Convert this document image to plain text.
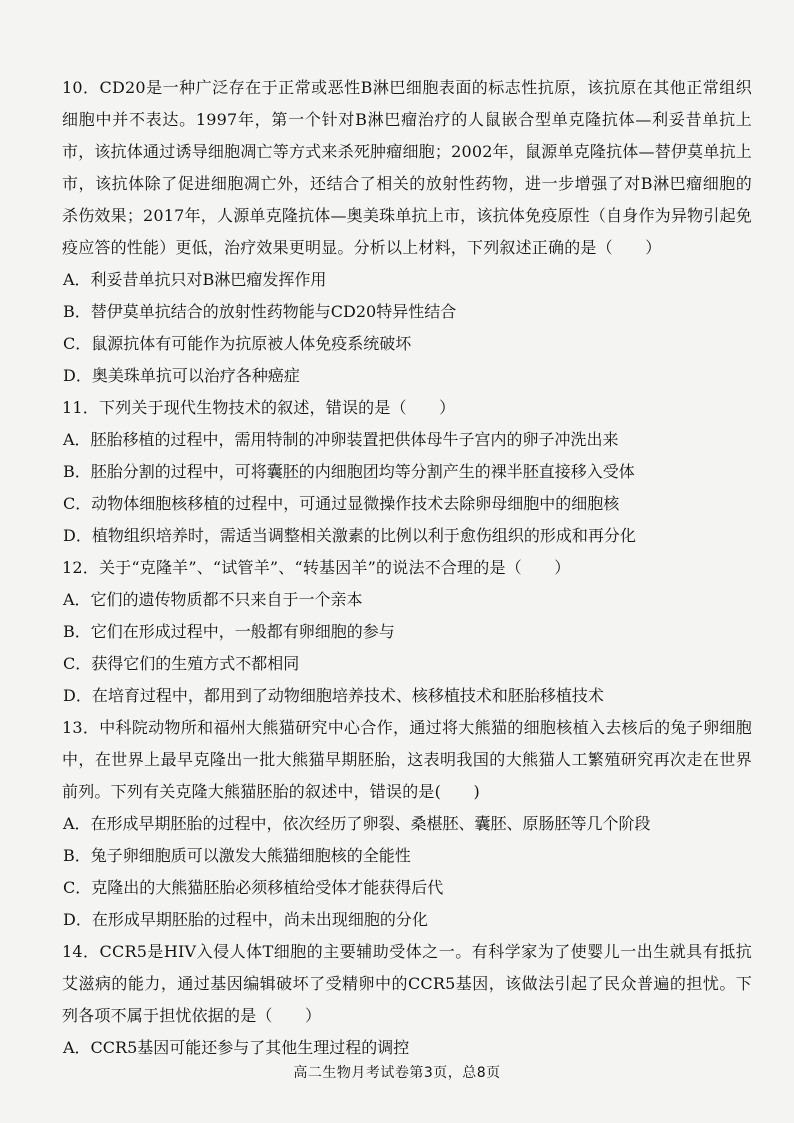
10．CD20是一种广泛存在于正常或恶性B淋巴细胞表面的标志性抗原，该抗原在其他正常组织细胞中并不表达。1997年，第一个针对B淋巴瘤治疗的人鼠嵌合型单克隆抗体—利妥昔单抗上市，该抗体通过诱导细胞凋亡等方式来杀死肿瘤细胞；2002年，鼠源单克隆抗体—替伊莫单抗上市，该抗体除了促进细胞凋亡外，还结合了相关的放射性药物，进一步增强了对B淋巴瘤细胞的杀伤效果；2017年，人源单克隆抗体—奥美珠单抗上市，该抗体免疫原性（自身作为异物引起免疫应答的性能）更低，治疗效果更明显。分析以上材料，下列叙述正确的是（　　）
A．利妥昔单抗只对B淋巴瘤发挥作用
B．替伊莫单抗结合的放射性药物能与CD20特异性结合
C．鼠源抗体有可能作为抗原被人体免疫系统破坏
D．奥美珠单抗可以治疗各种癌症
11．下列关于现代生物技术的叙述，错误的是（　　）
A．胚胎移植的过程中，需用特制的冲卵装置把供体母牛子宫内的卵子冲洗出来
B．胚胎分割的过程中，可将囊胚的内细胞团均等分割产生的裸半胚直接移入受体
C．动物体细胞核移植的过程中，可通过显微操作技术去除卵母细胞中的细胞核
D．植物组织培养时，需适当调整相关激素的比例以利于愈伤组织的形成和再分化
12．关于“克隆羊”、“试管羊”、“转基因羊”的说法不合理的是（　　）
A．它们的遗传物质都不只来自于一个亲本
B．它们在形成过程中，一般都有卵细胞的参与
C．获得它们的生殖方式不都相同
D．在培育过程中，都用到了动物细胞培养技术、核移植技术和胚胎移植技术
13．中科院动物所和福州大熊猫研究中心合作，通过将大熊猫的细胞核植入去核后的兔子卵细胞中，在世界上最早克隆出一批大熊猫早期胚胎，这表明我国的大熊猫人工繁殖研究再次走在世界前列。下列有关克隆大熊猫胚胎的叙述中，错误的是(　　)
A．在形成早期胚胎的过程中，依次经历了卵裂、桑椹胚、囊胚、原肠胚等几个阶段
B．兔子卵细胞质可以激发大熊猫细胞核的全能性
C．克隆出的大熊猫胚胎必须移植给受体才能获得后代
D．在形成早期胚胎的过程中，尚未出现细胞的分化
14．CCR5是HIV入侵人体T细胞的主要辅助受体之一。有科学家为了使婴儿一出生就具有抵抗艾滋病的能力，通过基因编辑破坏了受精卵中的CCR5基因，该做法引起了民众普遍的担忧。下列各项不属于担忧依据的是（　　）
A．CCR5基因可能还参与了其他生理过程的调控
高二生物月考试卷第3页，总8页
